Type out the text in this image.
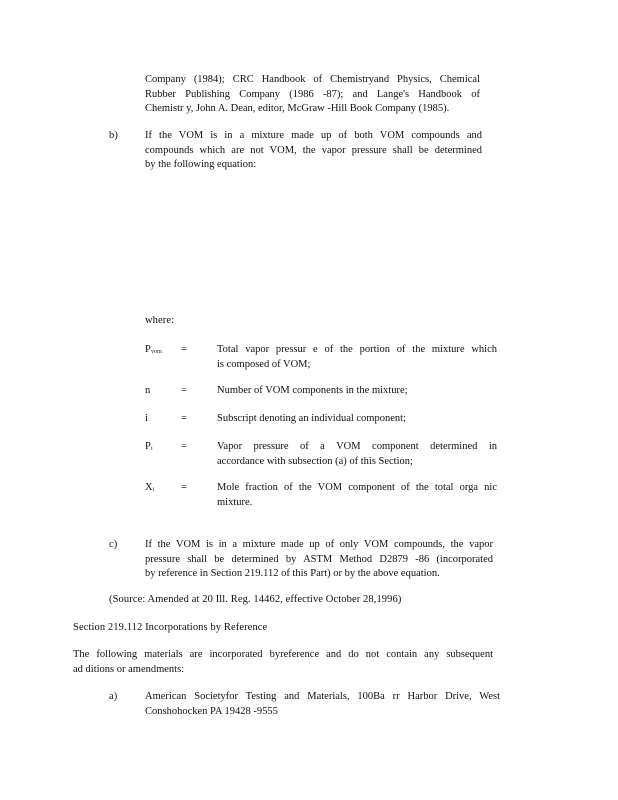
Company (1984); CRC Handbook of Chemistryand Physics, Chemical
Rubber Publishing Company (1986 -87); and Lange's Handbook of
Chemistr y, John A. Dean, editor, McGraw -Hill Book Company (1985).
b)	If the VOM is in a mixture made up of both VOM compounds and
compounds which are not VOM, the vapor pressure shall be determined
by the following equation:
where:
$P_{vom}$ =	Total vapor pressur e of the portion of the mixture which
is composed of VOM;
n	=	Number of VOM components in the mixture;
i	=	Subscript denoting an individual component;
$P_i$	=	Vapor pressure of a VOM component determined in
accordance with subsection (a) of this Section;
$X_i$	=	Mole fraction of the VOM component of the total orga nic
mixture.
c)	If the VOM is in a mixture made up of only VOM compounds, the vapor
pressure shall be determined by ASTM Method D2879 -86 (incorporated
by reference in Section 219.112 of this Part) or by the above equation.
(Source: Amended at 20 Ill. Reg. 14462, effective October 28,1996)
Section 219.112 Incorporations by Reference
The following materials are incorporated byreference and do not contain any subsequent
ad ditions or amendments:
a)	American Societyfor Testing and Materials, 100Ba rr Harbor Drive, West
Conshohocken PA 19428 -9555
